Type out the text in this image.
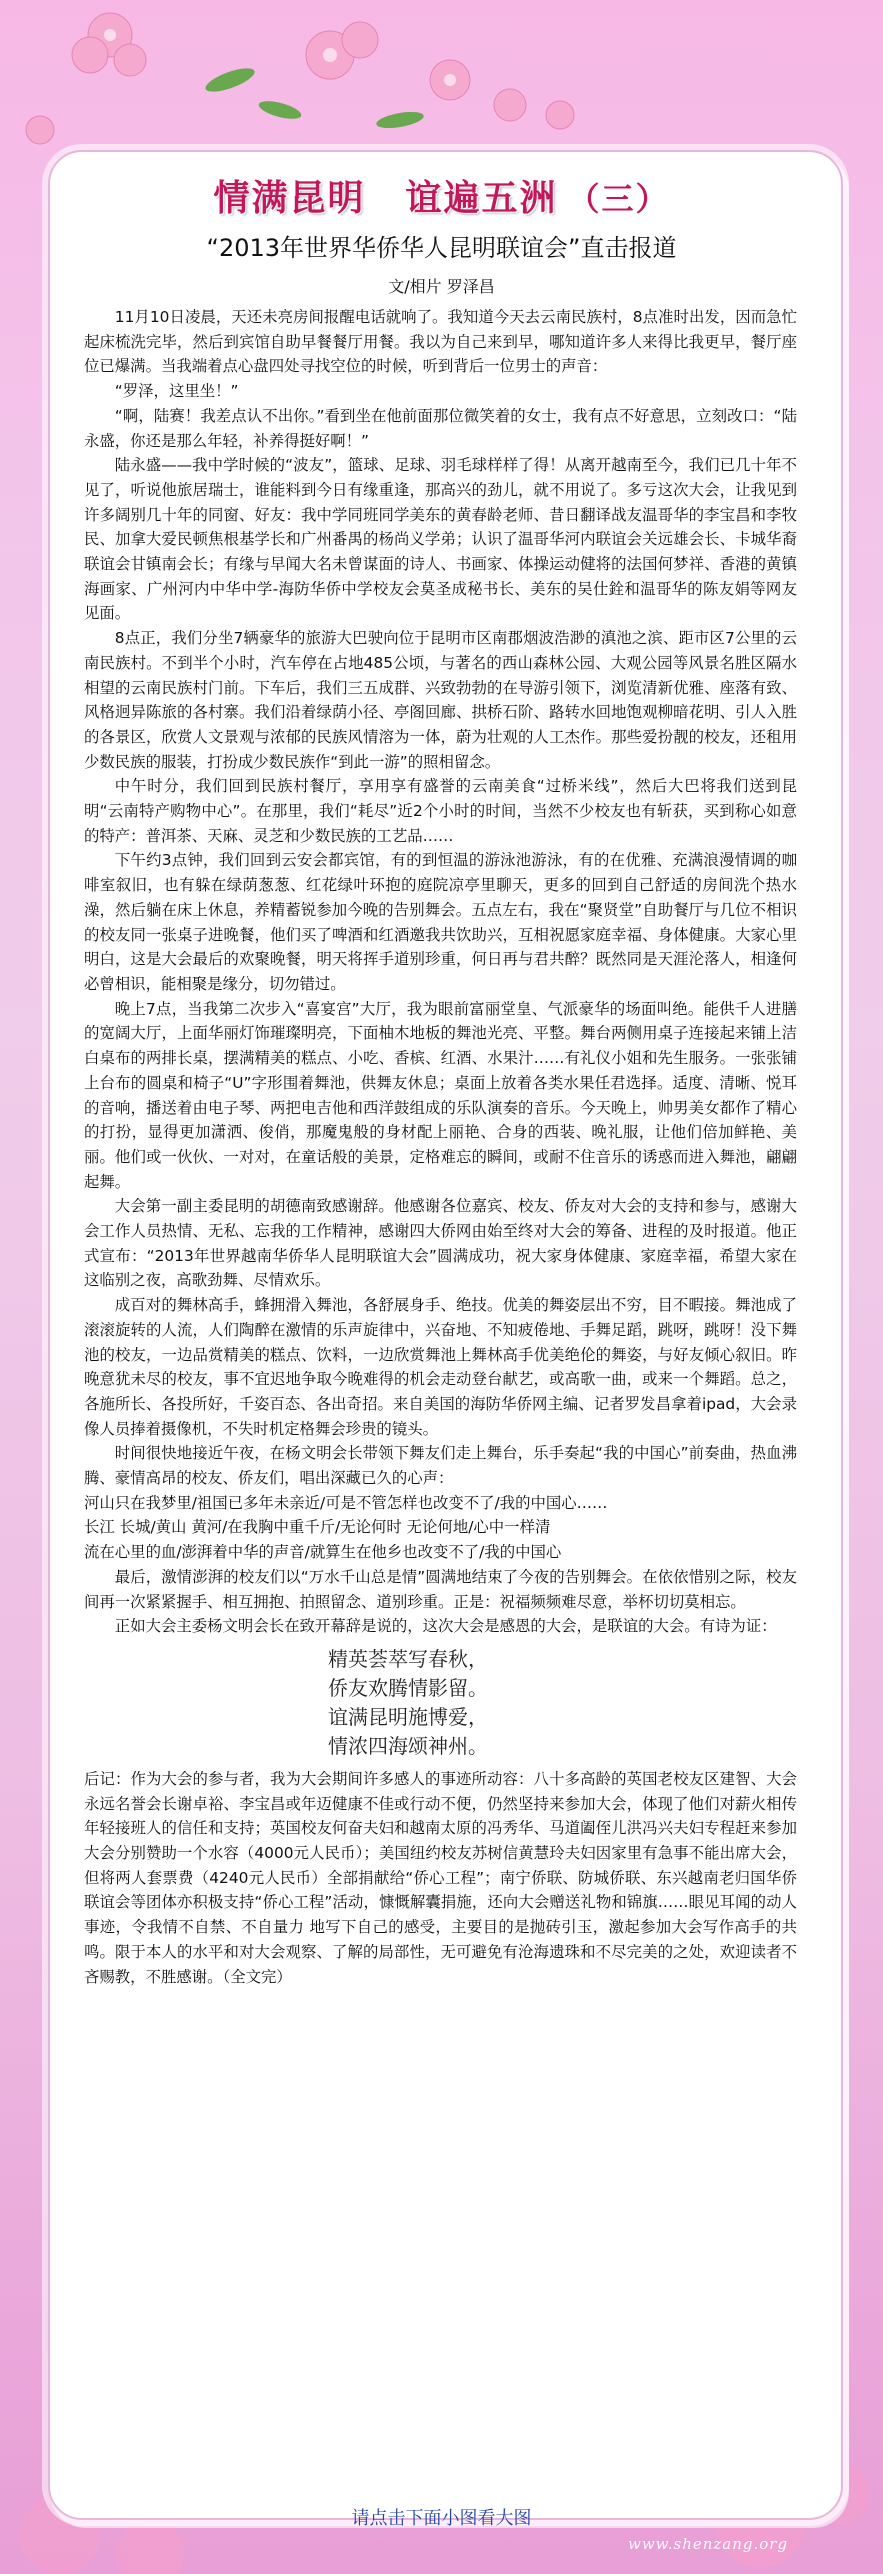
情满昆明 谊遍五洲 （三）
“2013年世界华侨华人昆明联谊会”直击报道
文/相片 罗泽昌

11月10日凌晨，天还未亮房间报醒电话就响了。我知道今天去云南民族村，8点准时出发，因而急忙起床梳洗完毕，然后到宾馆自助早餐餐厅用餐。我以为自己来到早，哪知道许多人来得比我更早，餐厅座位已爆满。当我端着点心盘四处寻找空位的时候，听到背后一位男士的声音：

“罗泽，这里坐！”

“啊，陆赛！我差点认不出你。”看到坐在他前面那位微笑着的女士，我有点不好意思，立刻改口：“陆永盛，你还是那么年轻，补养得挺好啊！”

陆永盛——我中学时候的“波友”，篮球、足球、羽毛球样样了得！从离开越南至今，我们已几十年不见了，听说他旅居瑞士，谁能料到今日有缘重逢，那高兴的劲儿，就不用说了。多亏这次大会，让我见到许多阔别几十年的同窗、好友：我中学同班同学美东的黄春龄老师、昔日翻译战友温哥华的李宝昌和李牧民、加拿大爱民顿焦根基学长和广州番禺的杨尚义学弟；认识了温哥华河内联谊会关远雄会长、卡城华裔联谊会甘镇南会长；有缘与早闻大名未曾谋面的诗人、书画家、体操运动健将的法国何梦祥、香港的黄镇海画家、广州河内中华中学-海防华侨中学校友会莫圣成秘书长、美东的吴仕銓和温哥华的陈友娟等网友见面。

8点正，我们分坐7辆豪华的旅游大巴驶向位于昆明市区南郡烟波浩渺的滇池之滨、距市区7公里的云南民族村。不到半个小时，汽车停在占地485公顷，与著名的西山森林公园、大观公园等风景名胜区隔水相望的云南民族村门前。下车后，我们三五成群、兴致勃勃的在导游引领下，浏览清新优雅、座落有致、风格迥异陈旅的各村寨。我们沿着绿荫小径、亭阁回廊、拱桥石阶、路转水回地饱观柳暗花明、引人入胜的各景区，欣赏人文景观与浓郁的民族风情溶为一体，蔚为壮观的人工杰作。那些爱扮靓的校友，还租用少数民族的服装，打扮成少数民族作“到此一游”的照相留念。

中午时分，我们回到民族村餐厅，享用享有盛誉的云南美食“过桥米线”，然后大巴将我们送到昆明“云南特产购物中心”。在那里，我们“耗尽”近2个小时的时间，当然不少校友也有斩获，买到称心如意的特产：普洱茶、天麻、灵芝和少数民族的工艺品……

下午约3点钟，我们回到云安会都宾馆，有的到恒温的游泳池游泳，有的在优雅、充满浪漫情调的咖啡室叙旧，也有躲在绿荫葱葱、红花绿叶环抱的庭院凉亭里聊天，更多的回到自己舒适的房间洗个热水澡，然后躺在床上休息，养精蓄锐参加今晚的告别舞会。五点左右，我在“聚贤堂”自助餐厅与几位不相识的校友同一张桌子进晚餐，他们买了啤酒和红酒邀我共饮助兴，互相祝愿家庭幸福、身体健康。大家心里明白，这是大会最后的欢聚晚餐，明天将挥手道别珍重，何日再与君共醉？既然同是天涯沦落人，相逢何必曾相识，能相聚是缘分，切勿错过。

晚上7点，当我第二次步入“喜宴宫”大厅，我为眼前富丽堂皇、气派豪华的场面叫绝。能供千人进膳的宽阔大厅，上面华丽灯饰璀璨明亮，下面柚木地板的舞池光亮、平整。舞台两侧用桌子连接起来铺上洁白桌布的两排长桌，摆满精美的糕点、小吃、香槟、红酒、水果汁……有礼仪小姐和先生服务。一张张铺上台布的圆桌和椅子“U”字形围着舞池，供舞友休息；桌面上放着各类水果任君选择。适度、清晰、悦耳的音响，播送着由电子琴、两把电吉他和西洋鼓组成的乐队演奏的音乐。今天晚上，帅男美女都作了精心的打扮，显得更加潇洒、俊俏，那魔鬼般的身材配上丽艳、合身的西装、晚礼服，让他们倍加鲜艳、美丽。他们或一伙伙、一对对，在童话般的美景，定格难忘的瞬间，或耐不住音乐的诱惑而进入舞池，翩翩起舞。

大会第一副主委昆明的胡德南致感谢辞。他感谢各位嘉宾、校友、侨友对大会的支持和参与，感谢大会工作人员热情、无私、忘我的工作精神，感谢四大侨网由始至终对大会的筹备、进程的及时报道。他正式宣布：“2013年世界越南华侨华人昆明联谊大会”圆满成功，祝大家身体健康、家庭幸福，希望大家在这临别之夜，高歌劲舞、尽情欢乐。

成百对的舞林高手，蜂拥滑入舞池，各舒展身手、绝技。优美的舞姿层出不穷，目不暇接。舞池成了滚滚旋转的人流，人们陶醉在激情的乐声旋律中，兴奋地、不知疲倦地、手舞足蹈，跳呀，跳呀！没下舞池的校友，一边品赏精美的糕点、饮料，一边欣赏舞池上舞林高手优美绝伦的舞姿，与好友倾心叙旧。昨晚意犹未尽的校友，事不宜迟地争取今晚难得的机会走动登台献艺，或高歌一曲，或来一个舞蹈。总之，各施所长、各投所好，千姿百态、各出奇招。来自美国的海防华侨网主编、记者罗发昌拿着ipad，大会录像人员捧着摄像机，不失时机定格舞会珍贵的镜头。

时间很快地接近午夜，在杨文明会长带领下舞友们走上舞台，乐手奏起“我的中国心”前奏曲，热血沸腾、豪情高昂的校友、侨友们，唱出深藏已久的心声：

河山只在我梦里/祖国已多年未亲近/可是不管怎样也改变不了/我的中国心……

长江 长城/黄山 黄河/在我胸中重千斤/无论何时 无论何地/心中一样清

流在心里的血/澎湃着中华的声音/就算生在他乡也改变不了/我的中国心

最后，激情澎湃的校友们以“万水千山总是情”圆满地结束了今夜的告别舞会。在依依惜别之际，校友间再一次紧紧握手、相互拥抱、拍照留念、道别珍重。正是：祝福频频难尽意，举杯切切莫相忘。

正如大会主委杨文明会长在致开幕辞是说的，这次大会是感恩的大会，是联谊的大会。有诗为证：

精英荟萃写春秋，
侨友欢腾情影留。
谊满昆明施博爱，
情浓四海颂神州。

后记：作为大会的参与者，我为大会期间许多感人的事迹所动容：八十多高龄的英国老校友区建智、大会永远名誉会长谢卓裕、李宝昌或年迈健康不佳或行动不便，仍然坚持来参加大会，体现了他们对薪火相传年轻接班人的信任和支持；英国校友何奋夫妇和越南太原的冯秀华、马道阖侄儿洪冯兴夫妇专程赶来参加大会分别赞助一个水容（4000元人民币）；美国纽约校友苏树信黄慧玲夫妇因家里有急事不能出席大会，但将两人套票费（4240元人民币）全部捐献给“侨心工程”；南宁侨联、防城侨联、东兴越南老归国华侨联谊会等团体亦积极支持“侨心工程”活动，慷慨解囊捐施，还向大会赠送礼物和锦旗……眼见耳闻的动人事迹，令我情不自禁、不自量力 地写下自己的感受，主要目的是抛砖引玉，激起参加大会写作高手的共鸣。限于本人的水平和对大会观察、了解的局部性，无可避免有沧海遗珠和不尽完美的之处，欢迎读者不吝赐教，不胜感谢。（全文完）

请点击下面小图看大图
www.shenzang.org
